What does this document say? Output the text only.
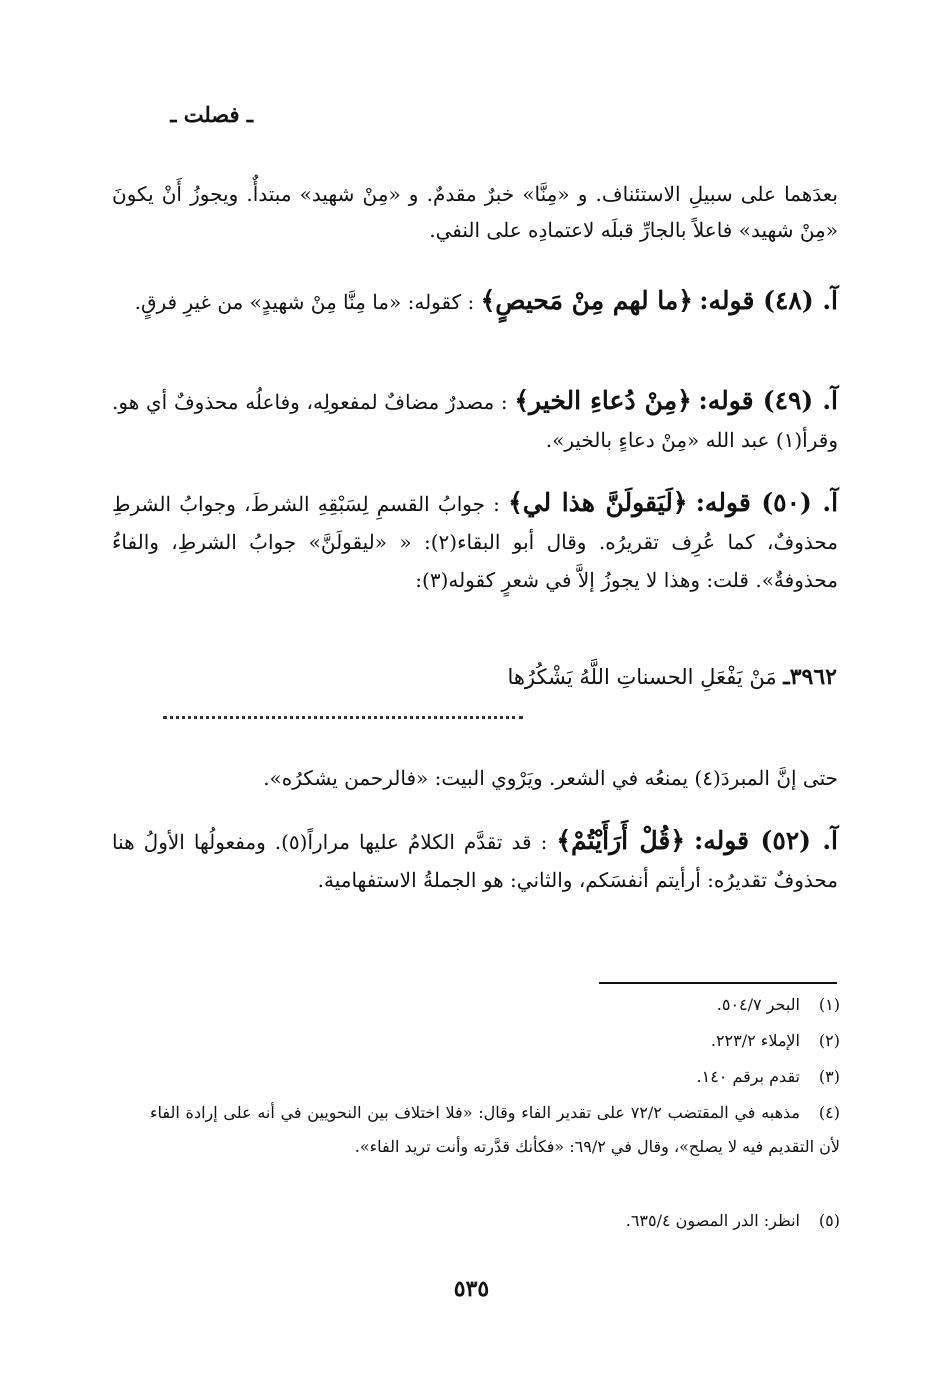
ـ فصلت ـ
بعدَهما على سبيلِ الاستئناف. و «مِنَّا» خبرٌ مقدمٌ. و «مِنْ شهيد» مبتدأٌ. ويجوزُ أَنْ يكونَ «مِنْ شهيد» فاعلاً بالجارِّ قبلَه لاعتمادِه على النفي.
آ. (٤٨) قوله: ﴿ما لهم مِنْ مَحيصٍ﴾ : كقوله: «ما مِنَّا مِنْ شهيدٍ» من غيرِ فرقٍ.
آ. (٤٩) قوله: ﴿مِنْ دُعاءِ الخير﴾ : مصدرٌ مضافٌ لمفعولِه، وفاعلُه محذوفٌ أي هو. وقرأ(١) عبد الله «مِنْ دعاءٍ بالخير».
آ. (٥٠) قوله: ﴿لَيَقولَنَّ هذا لي﴾ : جوابُ القسمِ لِسَبْقِهِ الشرطَ، وجوابُ الشرطِ محذوفٌ، كما عُرِف تقريرُه. وقال أبو البقاء(٢): « «ليقولَنَّ» جوابُ الشرطِ، والفاءُ محذوفةٌ». قلت: وهذا لا يجوزُ إلاَّ في شعرٍ كقوله(٣):
٣٩٦٢ـ مَنْ يَفْعَلِ الحسناتِ اللَّهُ يَشْكُرُها
حتى إنَّ المبردَ(٤) يمنعُه في الشعر. ويَرْوي البيت: «فالرحمن يشكرُه».
آ. (٥٢) قوله: ﴿قُلْ أَرَأَيْتُمْ﴾ : قد تقدَّم الكلامُ عليها مراراً(٥). ومفعولُها الأولُ هنا محذوفٌ تقديرُه: أرأيتم أنفسَكم، والثاني: هو الجملةُ الاستفهامية.
(١)البحر ٥٠٤/٧.
(٢)الإملاء ٢٢٣/٢.
(٣)تقدم برقم ١٤٠.
(٤)مذهبه في المقتضب ٧٢/٢ على تقدير الفاء وقال: «فلا اختلاف بين النحويين في أنه على إرادة الفاء لأن التقديم فيه لا يصلح»، وقال في ٦٩/٢: «فكأنك قدَّرته وأنت تريد الفاء».
(٥)انظر: الدر المصون ٦٣٥/٤.
٥٣٥
